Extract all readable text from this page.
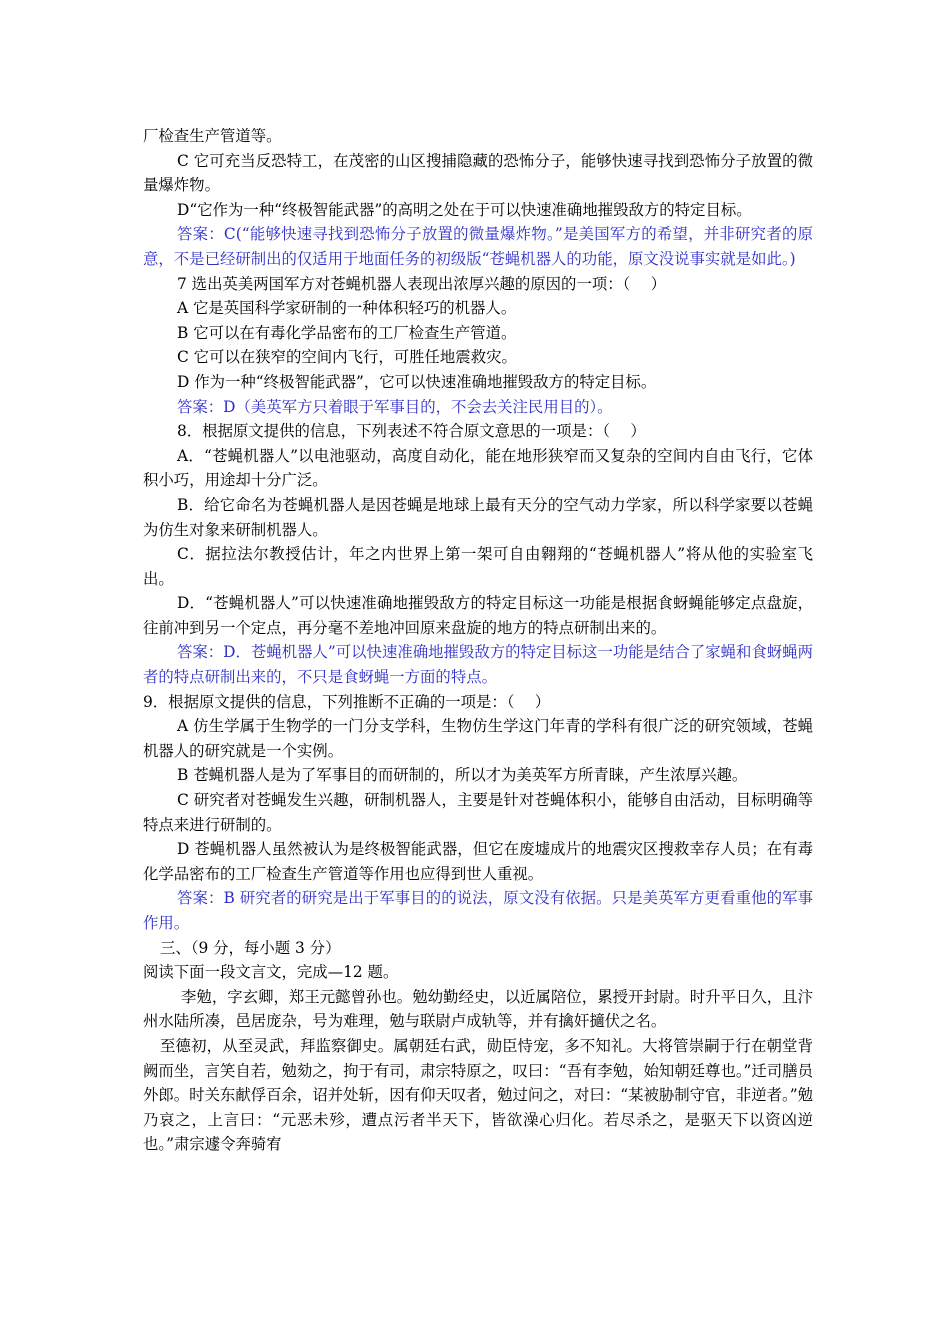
厂检查生产管道等。

C 它可充当反恐特工，在茂密的山区搜捕隐藏的恐怖分子，能够快速寻找到恐怖分子放置的微量爆炸物。

D“它作为一种“终极智能武器”的高明之处在于可以快速准确地摧毁敌方的特定目标。

答案：C(“能够快速寻找到恐怖分子放置的微量爆炸物。”是美国军方的希望，并非研究者的原意，不是已经研制出的仅适用于地面任务的初级版“苍蝇机器人的功能，原文没说事实就是如此。)

7 选出英美两国军方对苍蝇机器人表现出浓厚兴趣的原因的一项：（　 ）

A 它是英国科学家研制的一种体积轻巧的机器人。

B 它可以在有毒化学品密布的工厂检查生产管道。

C 它可以在狭窄的空间内飞行，可胜任地震救灾。

D 作为一种“终极智能武器”，它可以快速准确地摧毁敌方的特定目标。

答案：D（美英军方只着眼于军事目的，不会去关注民用目的）。

8．根据原文提供的信息，下列表述不符合原文意思的一项是：（　 ）

A．“苍蝇机器人”以电池驱动，高度自动化，能在地形狭窄而又复杂的空间内自由飞行，它体积小巧，用途却十分广泛。

B．给它命名为苍蝇机器人是因苍蝇是地球上最有天分的空气动力学家，所以科学家要以苍蝇为仿生对象来研制机器人。

C．据拉法尔教授估计，年之内世界上第一架可自由翱翔的“苍蝇机器人”将从他的实验室飞出。

D．“苍蝇机器人”可以快速准确地摧毁敌方的特定目标这一功能是根据食蚜蝇能够定点盘旋，往前冲到另一个定点，再分毫不差地冲回原来盘旋的地方的特点研制出来的。

答案：D．苍蝇机器人”可以快速准确地摧毁敌方的特定目标这一功能是结合了家蝇和食蚜蝇两者的特点研制出来的，不只是食蚜蝇一方面的特点。

9．根据原文提供的信息，下列推断不正确的一项是：（　 ）

A 仿生学属于生物学的一门分支学科，生物仿生学这门年青的学科有很广泛的研究领域，苍蝇机器人的研究就是一个实例。

B 苍蝇机器人是为了军事目的而研制的，所以才为美英军方所青睐，产生浓厚兴趣。

C 研究者对苍蝇发生兴趣，研制机器人，主要是针对苍蝇体积小，能够自由活动，目标明确等特点来进行研制的。

D 苍蝇机器人虽然被认为是终极智能武器，但它在废墟成片的地震灾区搜救幸存人员；在有毒化学品密布的工厂检查生产管道等作用也应得到世人重视。

答案：B 研究者的研究是出于军事目的的说法，原文没有依据。只是美英军方更看重他的军事作用。

三、（9 分，每小题 3 分）

阅读下面一段文言文，完成—12 题。

李勉，字玄卿，郑王元懿曾孙也。勉幼勤经史，以近属陪位，累授开封尉。时升平日久，且汴州水陆所凑，邑居庞杂，号为难理，勉与联尉卢成轨等，并有擒奸擿伏之名。

至德初，从至灵武，拜监察御史。属朝廷右武，勋臣恃宠，多不知礼。大将管崇嗣于行在朝堂背阙而坐，言笑自若，勉劾之，拘于有司，肃宗特原之，叹曰：“吾有李勉，始知朝廷尊也。”迁司膳员外郎。时关东献俘百余，诏并处斩，因有仰天叹者，勉过问之，对曰：“某被胁制守官，非逆者。”勉乃哀之，上言曰：“元恶未殄，遭点污者半天下，皆欲澡心归化。若尽杀之，是驱天下以资凶逆也。”肃宗遽令奔骑宥
